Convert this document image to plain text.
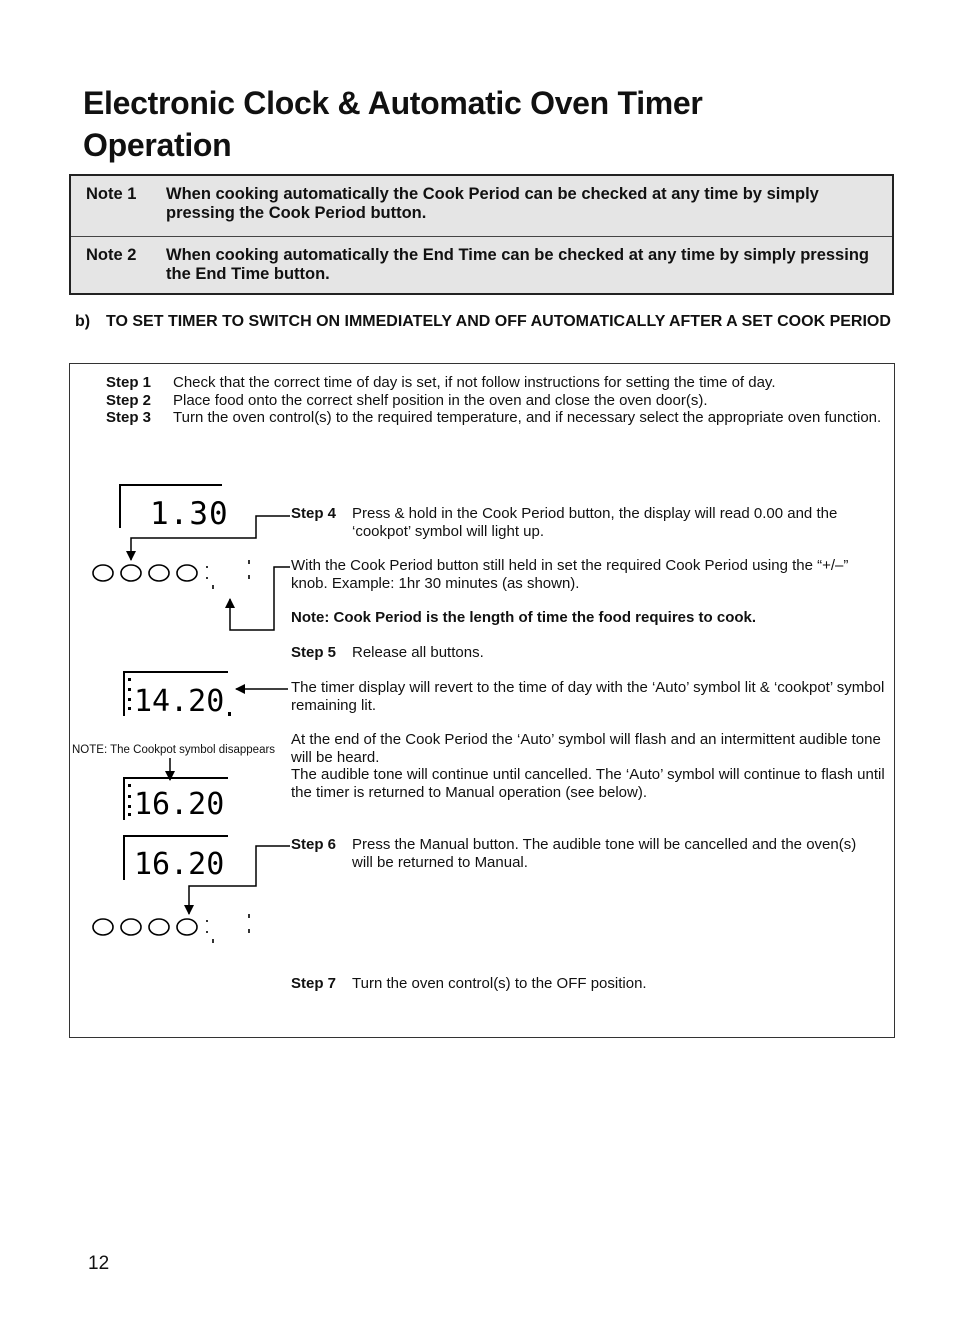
Electronic Clock & Automatic Oven Timer Operation
Note 1 When cooking automatically the Cook Period can be checked at any time by simply pressing the Cook Period button.
Note 2 When cooking automatically the End Time can be checked at any time by simply pressing the End Time button.
b) TO SET TIMER TO SWITCH ON IMMEDIATELY AND OFF AUTOMATICALLY AFTER A SET COOK PERIOD
Step 1 Check that the correct time of day is set, if not follow instructions for setting the time of day.
Step 2 Place food onto the correct shelf position in the oven and close the oven door(s).
Step 3 Turn the oven control(s) to the required temperature, and if necessary select the appropriate oven function.
Step 4 Press & hold in the Cook Period button, the display will read 0.00 and the ‘cookpot’ symbol will light up.
With the Cook Period button still held in set the required Cook Period using the “+/–” knob. Example: 1hr 30 minutes (as shown).
Note: Cook Period is the length of time the food requires to cook.
Step 5 Release all buttons.
The timer display will revert to the time of day with the ‘Auto’ symbol lit & ‘cookpot’ symbol remaining lit.
At the end of the Cook Period the ‘Auto’ symbol will flash and an intermittent audible tone will be heard.
The audible tone will continue until cancelled. The ‘Auto’ symbol will continue to flash until the timer is returned to Manual operation (see below).
Step 6 Press the Manual button. The audible tone will be cancelled and the oven(s) will be returned to Manual.
Step 7 Turn the oven control(s) to the OFF position.
NOTE: The Cookpot symbol disappears
1.30
14.20
16.20
16.20
12
